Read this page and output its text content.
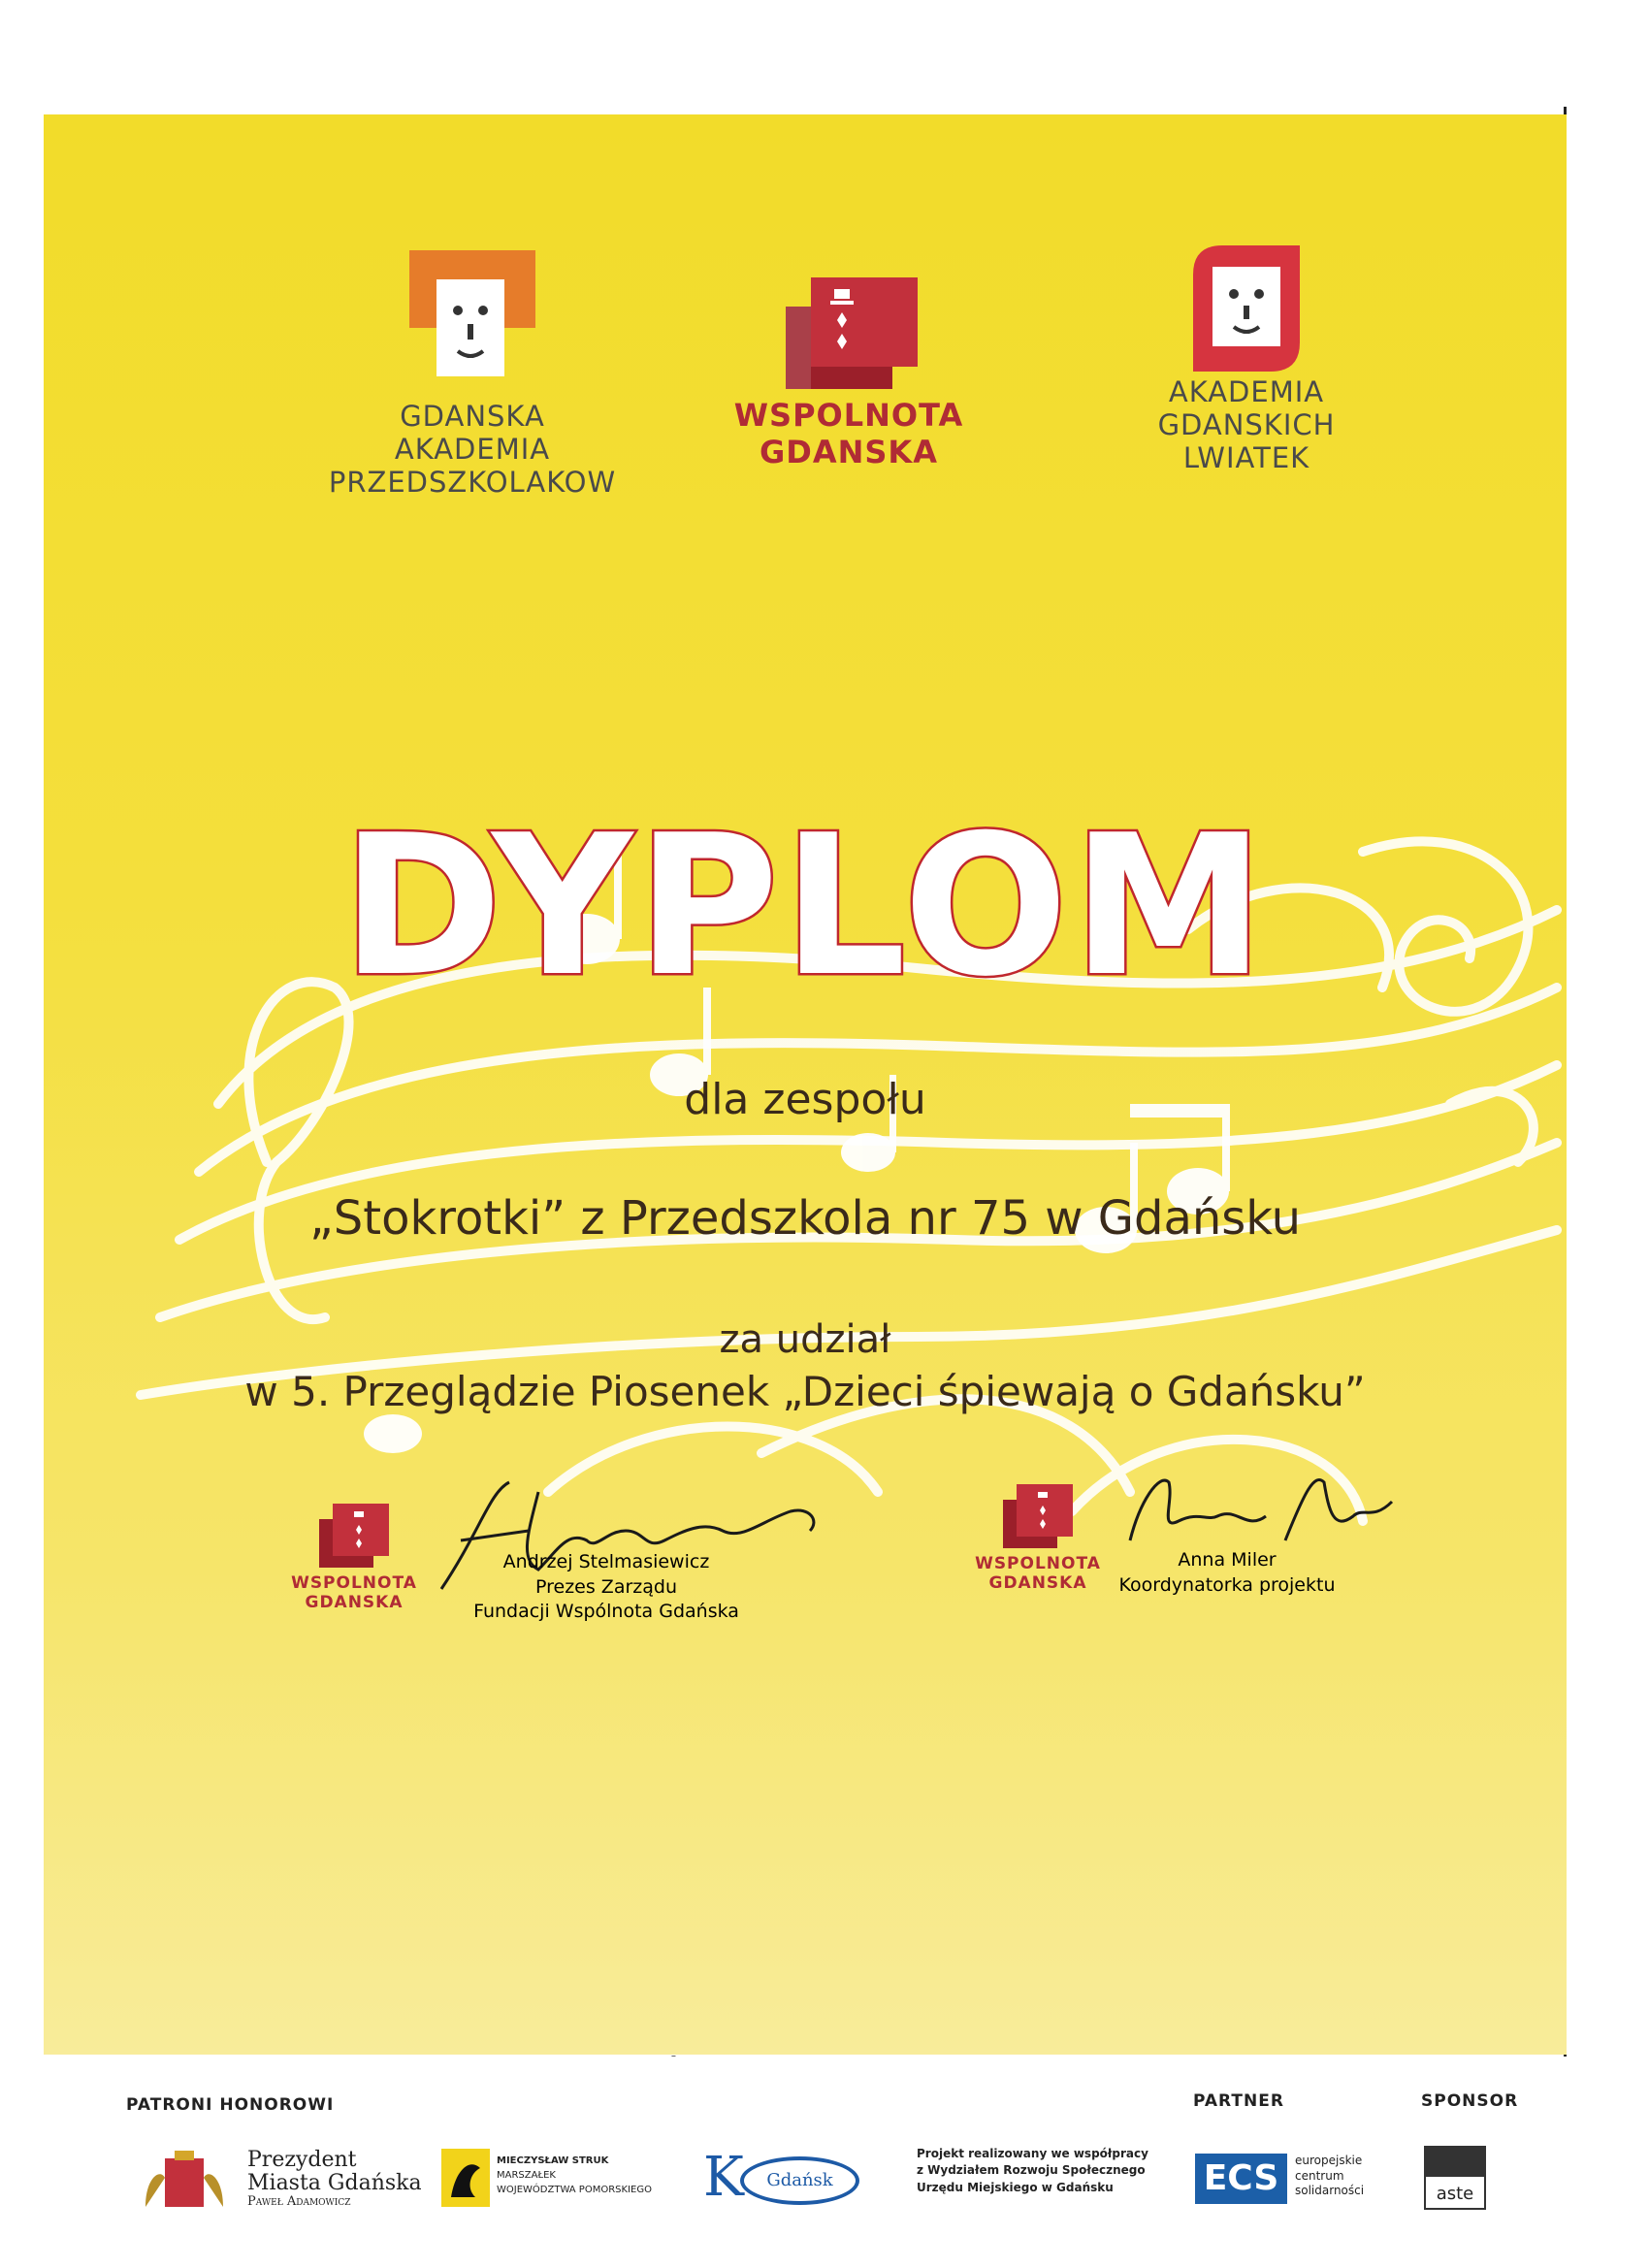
GDANSKA
AKADEMIA
PRZEDSZKOLAKOW
WSPOLNOTA
GDANSKA
AKADEMIA
GDANSKICH
LWIATEK
DYPLOM
dla zespołu
„Stokrotki” z Przedszkola nr 75 w Gdańsku
za udział
w 5. Przeglądzie Piosenek „Dzieci śpiewają o Gdańsku”
WSPOLNOTA
GDANSKA
Andrzej Stelmasiewicz
Prezes Zarządu
Fundacji Wspólnota Gdańska
WSPOLNOTA
GDANSKA
Anna Miler
Koordynatorka projektu
PATRONI HONOROWI	PARTNER	SPONSOR
Prezydent
Miasta Gdańska
Paweł Adamowicz
MIECZYSŁAW STRUK
MARSZAŁEK
WOJEWÓDZTWA POMORSKIEGO K	Gdańsk
Projekt realizowany we współpracy
z Wydziałem Rozwoju Społecznego
Urzędu Miejskiego w Gdańsku	ECS	europejskie
centrum
solidarności	aste
